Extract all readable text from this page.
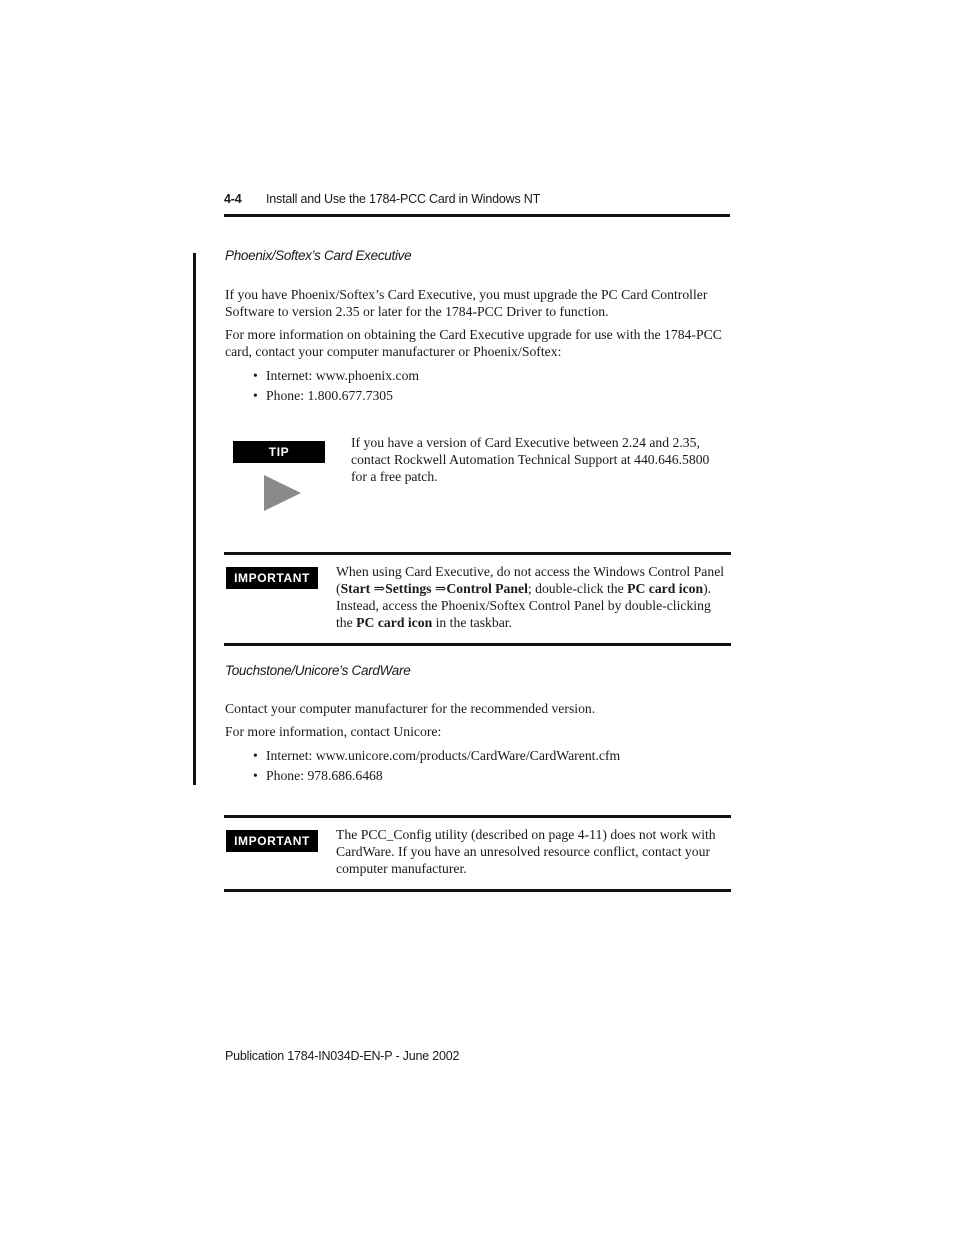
4-4 Install and Use the 1784-PCC Card in Windows NT
Phoenix/Softex’s Card Executive

If you have Phoenix/Softex’s Card Executive, you must upgrade the PC Card Controller Software to version 2.35 or later for the 1784-PCC Driver to function.

For more information on obtaining the Card Executive upgrade for use with the 1784-PCC card, contact your computer manufacturer or Phoenix/Softex:

• Internet: www.phoenix.com
• Phone: 1.800.677.7305
TIP

If you have a version of Card Executive between 2.24 and 2.35, contact Rockwell Automation Technical Support at 440.646.5800 for a free patch.

IMPORTANT	When using Card Executive, do not access the Windows Control Panel (Start ⇒Settings ⇒Control Panel; double-click the PC card icon). Instead, access the Phoenix/Softex Control Panel by double-clicking the PC card icon in the taskbar.

Touchstone/Unicore’s CardWare

Contact your computer manufacturer for the recommended version.

For more information, contact Unicore:

• Internet: www.unicore.com/products/CardWare/CardWarent.cfm
• Phone: 978.686.6468
IMPORTANT	The PCC_Config utility (described on page 4-11) does not work with CardWare. If you have an unresolved resource conflict, contact your computer manufacturer.

Publication 1784-IN034D-EN-P - June 2002
